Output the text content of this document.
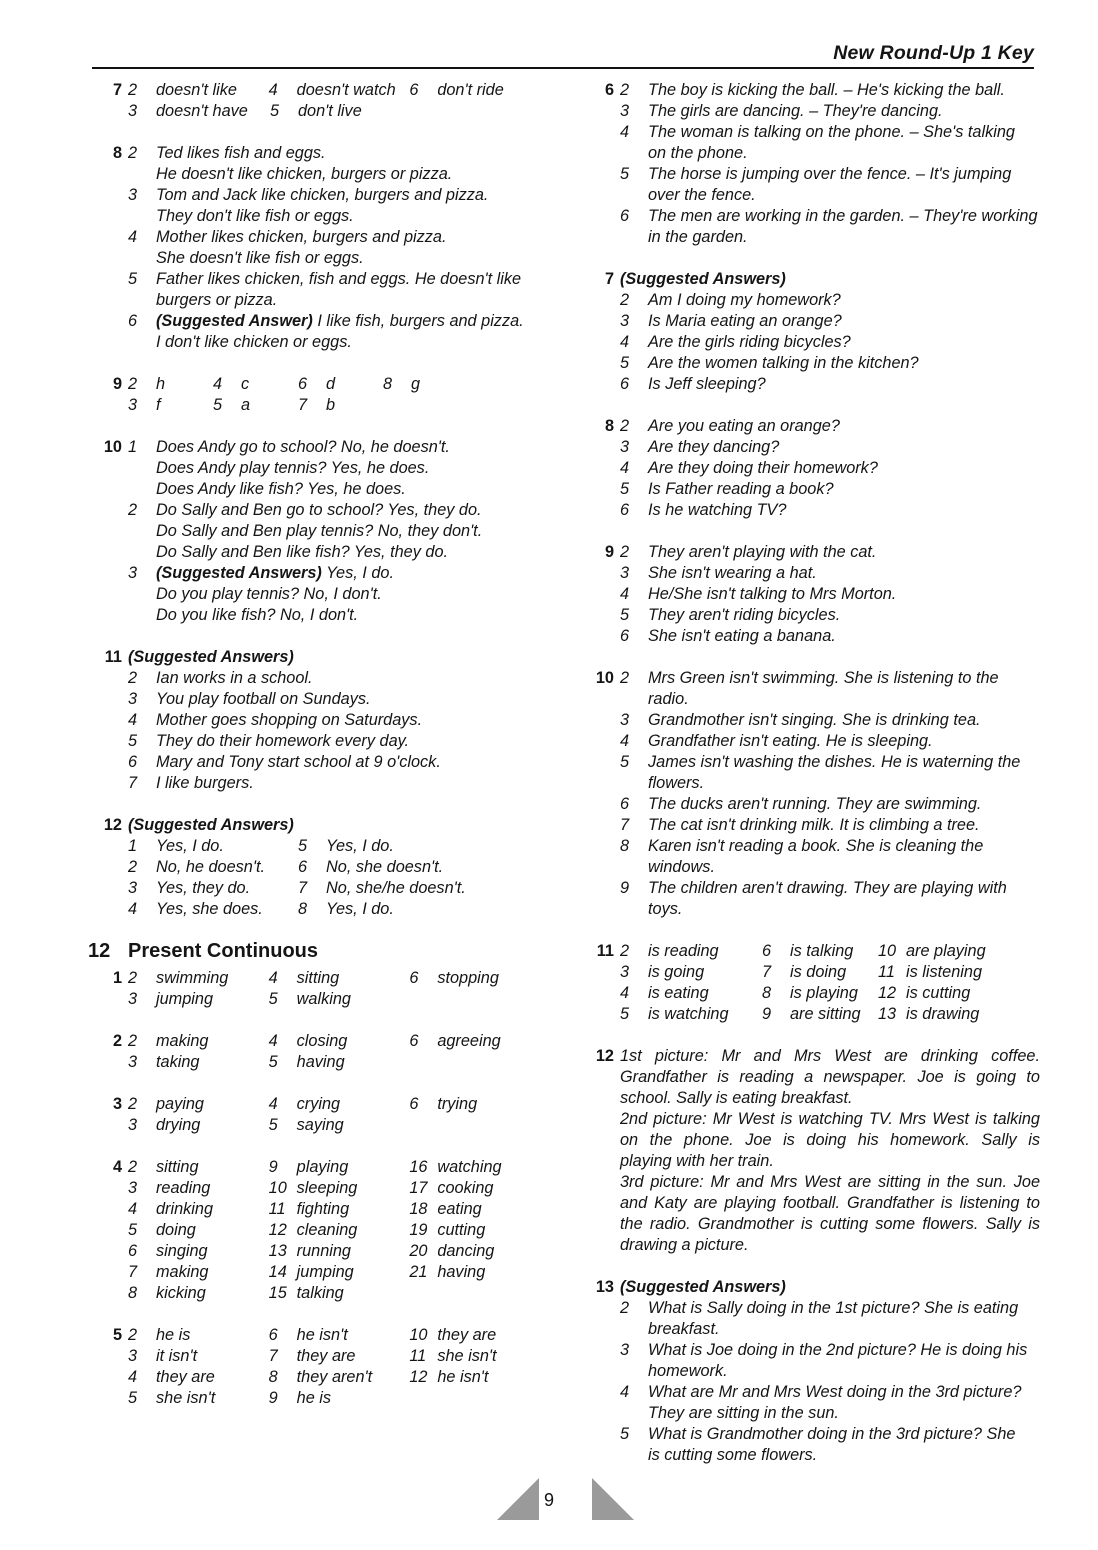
New Round-Up 1 Key
7 2	doesn't like 4	doesn't watch 6	don't ride
3	doesn't have 5	don't live
8 2	Ted likes fish and eggs.
He doesn't like chicken, burgers or pizza.
3	Tom and Jack like chicken, burgers and pizza.
They don't like fish or eggs.
4	Mother likes chicken, burgers and pizza.
She doesn't like fish or eggs.
5	Father likes chicken, fish and eggs. He doesn't like
burgers or pizza.
6	(Suggested Answer) I like fish, burgers and pizza.
I don't like chicken or eggs.
9 2	h	4	c	6	d	8	g
3	f	5	a	7	b
10 1	Does Andy go to school? No, he doesn't.
Does Andy play tennis? Yes, he does.
Does Andy like fish? Yes, he does.
2	Do Sally and Ben go to school? Yes, they do.
Do Sally and Ben play tennis? No, they don't.
Do Sally and Ben like fish? Yes, they do.
3	(Suggested Answers) Yes, I do.
Do you play tennis? No, I don't.
Do you like fish? No, I don't.
11 (Suggested Answers)
2	Ian works in a school.
3	You play football on Sundays.
4	Mother goes shopping on Saturdays.
5	They do their homework every day.
6	Mary and Tony start school at 9 o'clock.
7	I like burgers.
12 (Suggested Answers)
1	Yes, I do.	5	Yes, I do.
2	No, he doesn't. 6	No, she doesn't.
3	Yes, they do.	7	No, she/he doesn't.
4	Yes, she does. 8	Yes, I do.
12 Present Continuous
1 2	swimming 4	sitting	6	stopping
3	jumping	5	walking
2 2	making	4	closing	6	agreeing
3	taking	5	having
3 2	paying	4	crying	6	trying
3	drying	5	saying
4 2	sitting	9	playing	16 watching
3	reading	10 sleeping	17 cooking
4	drinking	11 fighting	18 eating
5	doing	12 cleaning	19 cutting
6	singing	13 running	20 dancing
7	making	14 jumping	21 having
8	kicking	15 talking
5 2	he is	6	he isn't	10 they are
3	it isn't	7	they are	11 she isn't
4	they are	8	they aren't 12 he isn't
5	she isn't	9	he is
6 2	The boy is kicking the ball. – He's kicking the ball.
3	The girls are dancing. – They're dancing.
4	The woman is talking on the phone. – She's talking
on the phone.
5	The horse is jumping over the fence. – It's jumping
over the fence.
6	The men are working in the garden. – They're working
in the garden.
7 (Suggested Answers)
2	Am I doing my homework?
3	Is Maria eating an orange?
4	Are the girls riding bicycles?
5	Are the women talking in the kitchen?
6	Is Jeff sleeping?
8 2	Are you eating an orange?
3	Are they dancing?
4	Are they doing their homework?
5	Is Father reading a book?
6	Is he watching TV?
9 2	They aren't playing with the cat.
3	She isn't wearing a hat.
4	He/She isn't talking to Mrs Morton.
5	They aren't riding bicycles.
6	She isn't eating a banana.
10 2	Mrs Green isn't swimming. She is listening to the radio.
3	Grandmother isn't singing. She is drinking tea.
4	Grandfather isn't eating. He is sleeping.
5	James isn't washing the dishes. He is waterning the
flowers.
6	The ducks aren't running. They are swimming.
7	The cat isn't drinking milk. It is climbing a tree.
8	Karen isn't reading a book. She is cleaning the
windows.
9	The children aren't drawing. They are playing with toys.
11 2	is reading	6	is talking 10 are playing
3	is going	7	is doing 11 is listening
4	is eating	8	is playing 12 is cutting
5	is watching 9	are sitting 13 is drawing
12 1st picture: Mr and Mrs West are drinking coffee.
Grandfather is reading a newspaper. Joe is going to
school. Sally is eating breakfast.
2nd picture: Mr West is watching TV. Mrs West is talking
on the phone. Joe is doing his homework. Sally is
playing with her train.
3rd picture: Mr and Mrs West are sitting in the sun. Joe
and Katy are playing football. Grandfather is listening to
the radio. Grandmother is cutting some flowers. Sally is
drawing a picture.
13 (Suggested Answers)
2	What is Sally doing in the 1st picture? She is eating
breakfast.
3	What is Joe doing in the 2nd picture? He is doing his
homework.
4	What are Mr and Mrs West doing in the 3rd picture?
They are sitting in the sun.
5	What is Grandmother doing in the 3rd picture? She
is cutting some flowers.
9
